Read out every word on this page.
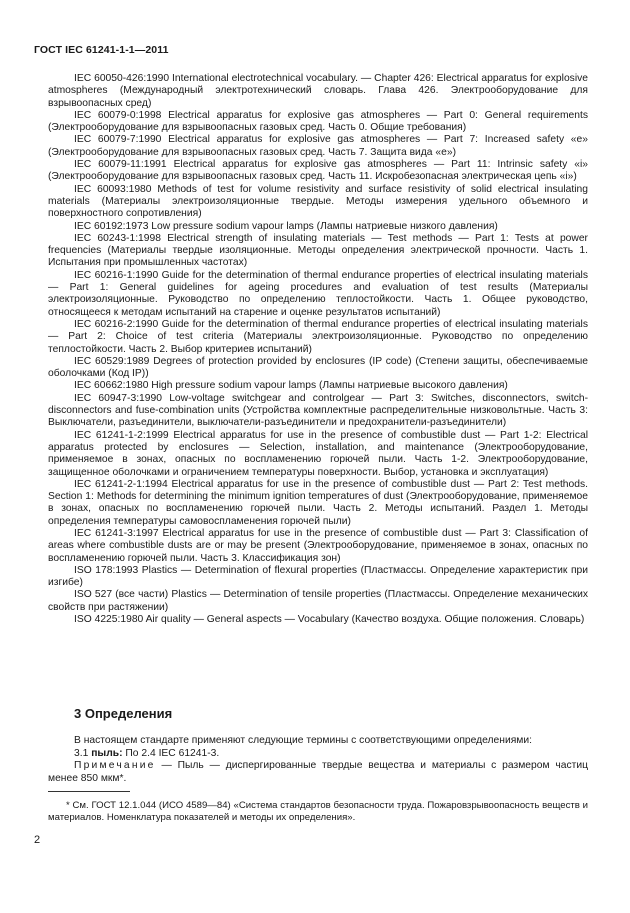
ГОСТ IEC 61241-1-1—2011

IEC 60050-426:1990 International electrotechnical vocabulary. — Chapter 426: Electrical apparatus for explosive atmospheres (Международный электротехнический словарь. Глава 426. Электрооборудование для взрывоопасных сред)

IEC 60079-0:1998 Electrical apparatus for explosive gas atmospheres — Part 0: General requirements (Электрооборудование для взрывоопасных газовых сред. Часть 0. Общие требования)

IEC 60079-7:1990 Electrical apparatus for explosive gas atmospheres — Part 7: Increased safety «е» (Электрооборудование для взрывоопасных газовых сред. Часть 7. Защита вида «е»)

IEC 60079-11:1991 Electrical apparatus for explosive gas atmospheres — Part 11: Intrinsic safety «i» (Электрооборудование для взрывоопасных газовых сред. Часть 11. Искробезопасная электрическая цепь «i»)

IEC 60093:1980 Methods of test for volume resistivity and surface resistivity of solid electrical insulating materials (Материалы электроизоляционные твердые. Методы измерения удельного объемного и поверхностного сопротивления)

IEC 60192:1973 Low pressure sodium vapour lamps (Лампы натриевые низкого давления)

IEC 60243-1:1998 Electrical strength of insulating materials — Test methods — Part 1: Tests at power frequencies (Материалы твердые изоляционные. Методы определения электрической прочности. Часть 1. Испытания при промышленных частотах)

IEC 60216-1:1990 Guide for the determination of thermal endurance properties of electrical insulating materials — Part 1: General guidelines for ageing procedures and evaluation of test results (Материалы электроизоляционные. Руководство по определению теплостойкости. Часть 1. Общее руководство, относящееся к методам испытаний на старение и оценке результатов испытаний)

IEC 60216-2:1990 Guide for the determination of thermal endurance properties of electrical insulating materials — Part 2: Choice of test criteria (Материалы электроизоляционные. Руководство по определению теплостойкости. Часть 2. Выбор критериев испытаний)

IEC 60529:1989 Degrees of protection provided by enclosures (IP code) (Степени защиты, обеспечиваемые оболочками (Код IP))

IEC 60662:1980 High pressure sodium vapour lamps (Лампы натриевые высокого давления)

IEC 60947-3:1990 Low-voltage switchgear and controlgear — Part 3: Switches, disconnectors, switch-disconnectors and fuse-combination units (Устройства комплектные распределительные низковольтные. Часть 3: Выключатели, разъединители, выключатели-разъединители и предохранители-разъединители)

IEC 61241-1-2:1999 Electrical apparatus for use in the presence of combustible dust — Part 1-2: Electrical apparatus protected by enclosures — Selection, installation, and maintenance (Электрооборудование, применяемое в зонах, опасных по воспламенению горючей пыли. Часть 1-2. Электрооборудование, защищенное оболочками и ограничением температуры поверхности. Выбор, установка и эксплуатация)

IEC 61241-2-1:1994 Electrical apparatus for use in the presence of combustible dust — Part 2: Test methods. Section 1: Methods for determining the minimum ignition temperatures of dust (Электрооборудование, применяемое в зонах, опасных по воспламенению горючей пыли. Часть 2. Методы испытаний. Раздел 1. Методы определения температуры самовоспламенения горючей пыли)

IEC 61241-3:1997 Electrical apparatus for use in the presence of combustible dust — Part 3: Classification of areas where combustible dusts are or may be present (Электрооборудование, применяемое в зонах, опасных по воспламенению горючей пыли. Часть 3. Классификация зон)

ISO 178:1993 Plastics — Determination of flexural properties (Пластмассы. Определение характеристик при изгибе)

ISO 527 (все части) Plastics — Determination of tensile properties (Пластмассы. Определение механических свойств при растяжении)

ISO 4225:1980 Air quality — General aspects — Vocabulary (Качество воздуха. Общие положения. Словарь)

3 Определения

В настоящем стандарте применяют следующие термины с соответствующими определениями:

3.1 пыль: По 2.4 IEC 61241-3.

Примечание — Пыль — диспергированные твердые вещества и материалы с размером частиц менее 850 мкм*.

* См. ГОСТ 12.1.044 (ИСО 4589—84) «Система стандартов безопасности труда. Пожаровзрывоопасность веществ и материалов. Номенклатура показателей и методы их определения».

2
